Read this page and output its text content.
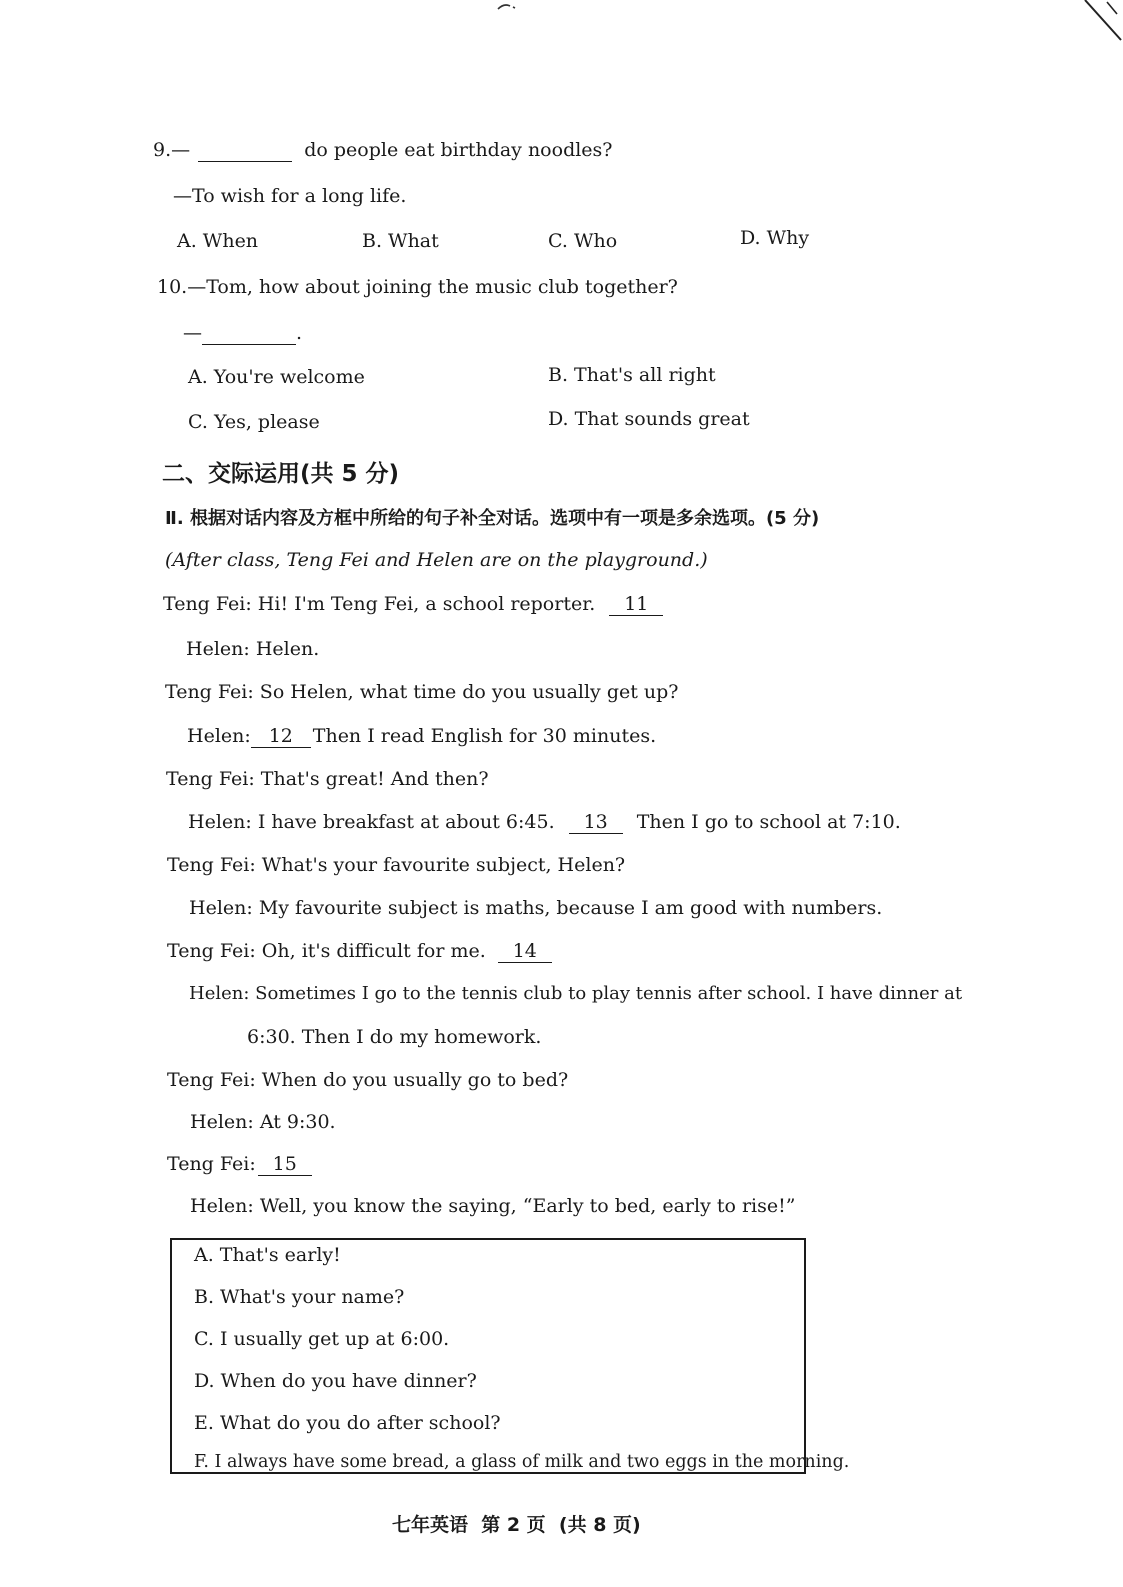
9.—	do people eat birthday noodles?
—To wish for a long life.
A. When	B. What	C. Who	D. Why
10.—Tom, how about joining the music club together?
—	.
A. You're welcome	B. That's all right
C. Yes, please	D. That sounds great
二、交际运用(共 5 分)
Ⅱ. 根据对话内容及方框中所给的句子补全对话。选项中有一项是多余选项。(5 分)
(After class, Teng Fei and Helen are on the playground.)
Teng Fei: Hi! I'm Teng Fei, a school reporter. 11
Helen: Helen.
Teng Fei: So Helen, what time do you usually get up?
Helen: 12 Then I read English for 30 minutes.
Teng Fei: That's great! And then?
Helen: I have breakfast at about 6:45. 13 Then I go to school at 7:10.
Teng Fei: What's your favourite subject, Helen?
Helen: My favourite subject is maths, because I am good with numbers.
Teng Fei: Oh, it's difficult for me. 14
Helen: Sometimes I go to the tennis club to play tennis after school. I have dinner at
6:30. Then I do my homework.
Teng Fei: When do you usually go to bed?
Helen: At 9:30.
Teng Fei: 15
Helen: Well, you know the saying, “Early to bed, early to rise!”
A. That's early!
B. What's your name?
C. I usually get up at 6:00.
D. When do you have dinner?
E. What do you do after school?
F. I always have some bread, a glass of milk and two eggs in the morning.
七年英语  第 2 页  (共 8 页)
